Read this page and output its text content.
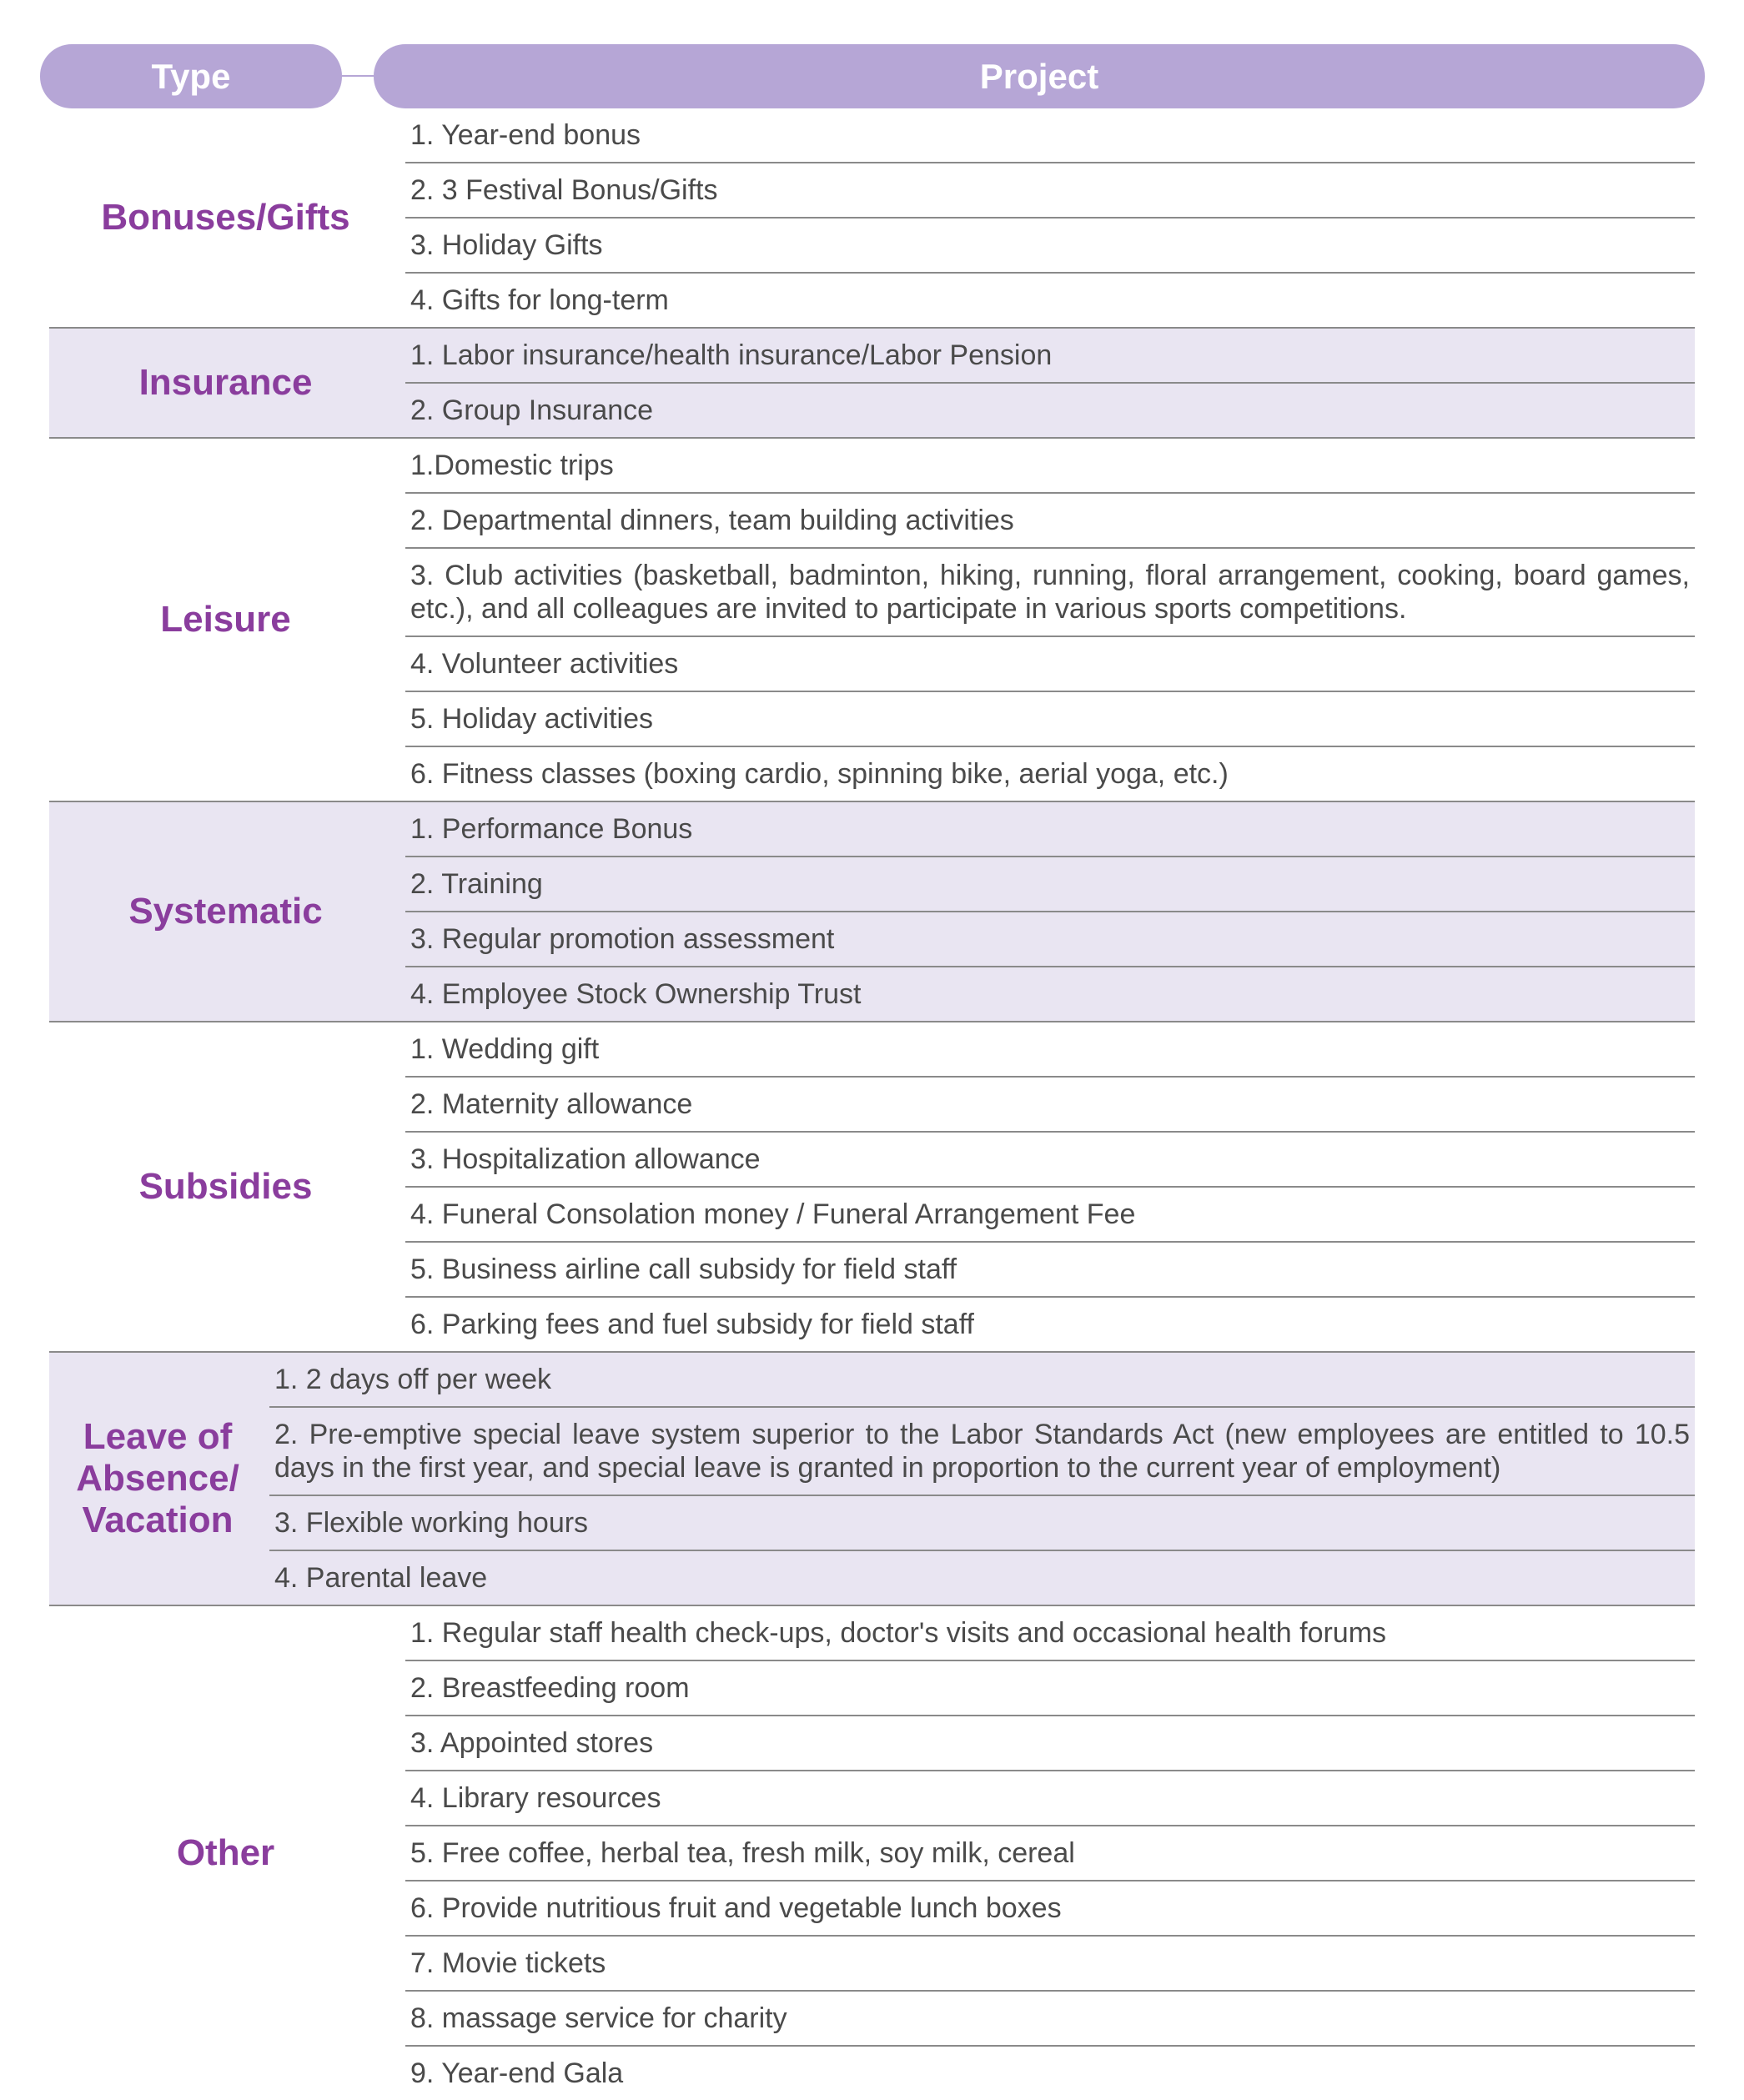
Type	Project
Bonuses/Gifts
1. Year-end bonus
2. 3 Festival Bonus/Gifts
3. Holiday Gifts
4. Gifts for long-term
Insurance
1. Labor insurance/health insurance/Labor Pension
2. Group Insurance
Leisure
1.Domestic trips
2. Departmental dinners, team building activities
3. Club activities (basketball, badminton, hiking, running, floral arrangement, cooking, board games, etc.), and all colleagues are invited to participate in various sports competitions.
4. Volunteer activities
5. Holiday activities
6. Fitness classes (boxing cardio, spinning bike, aerial yoga, etc.)
Systematic
1. Performance Bonus
2. Training
3. Regular promotion assessment
4. Employee Stock Ownership Trust
Subsidies
1. Wedding gift
2. Maternity allowance
3. Hospitalization allowance
4. Funeral Consolation money / Funeral Arrangement Fee
5. Business airline call subsidy for field staff
6. Parking fees and fuel subsidy for field staff
Leave of Absence/ Vacation
1. 2 days off per week
2. Pre-emptive special leave system superior to the Labor Standards Act (new employees are entitled to 10.5 days in the first year, and special leave is granted in proportion to the current year of employment)
3. Flexible working hours
4. Parental leave
Other
1. Regular staff health check-ups, doctor's visits and occasional health forums
2. Breastfeeding room
3. Appointed stores
4. Library resources
5. Free coffee, herbal tea, fresh milk, soy milk, cereal
6. Provide nutritious fruit and vegetable lunch boxes
7. Movie tickets
8. massage service for charity
9. Year-end Gala
